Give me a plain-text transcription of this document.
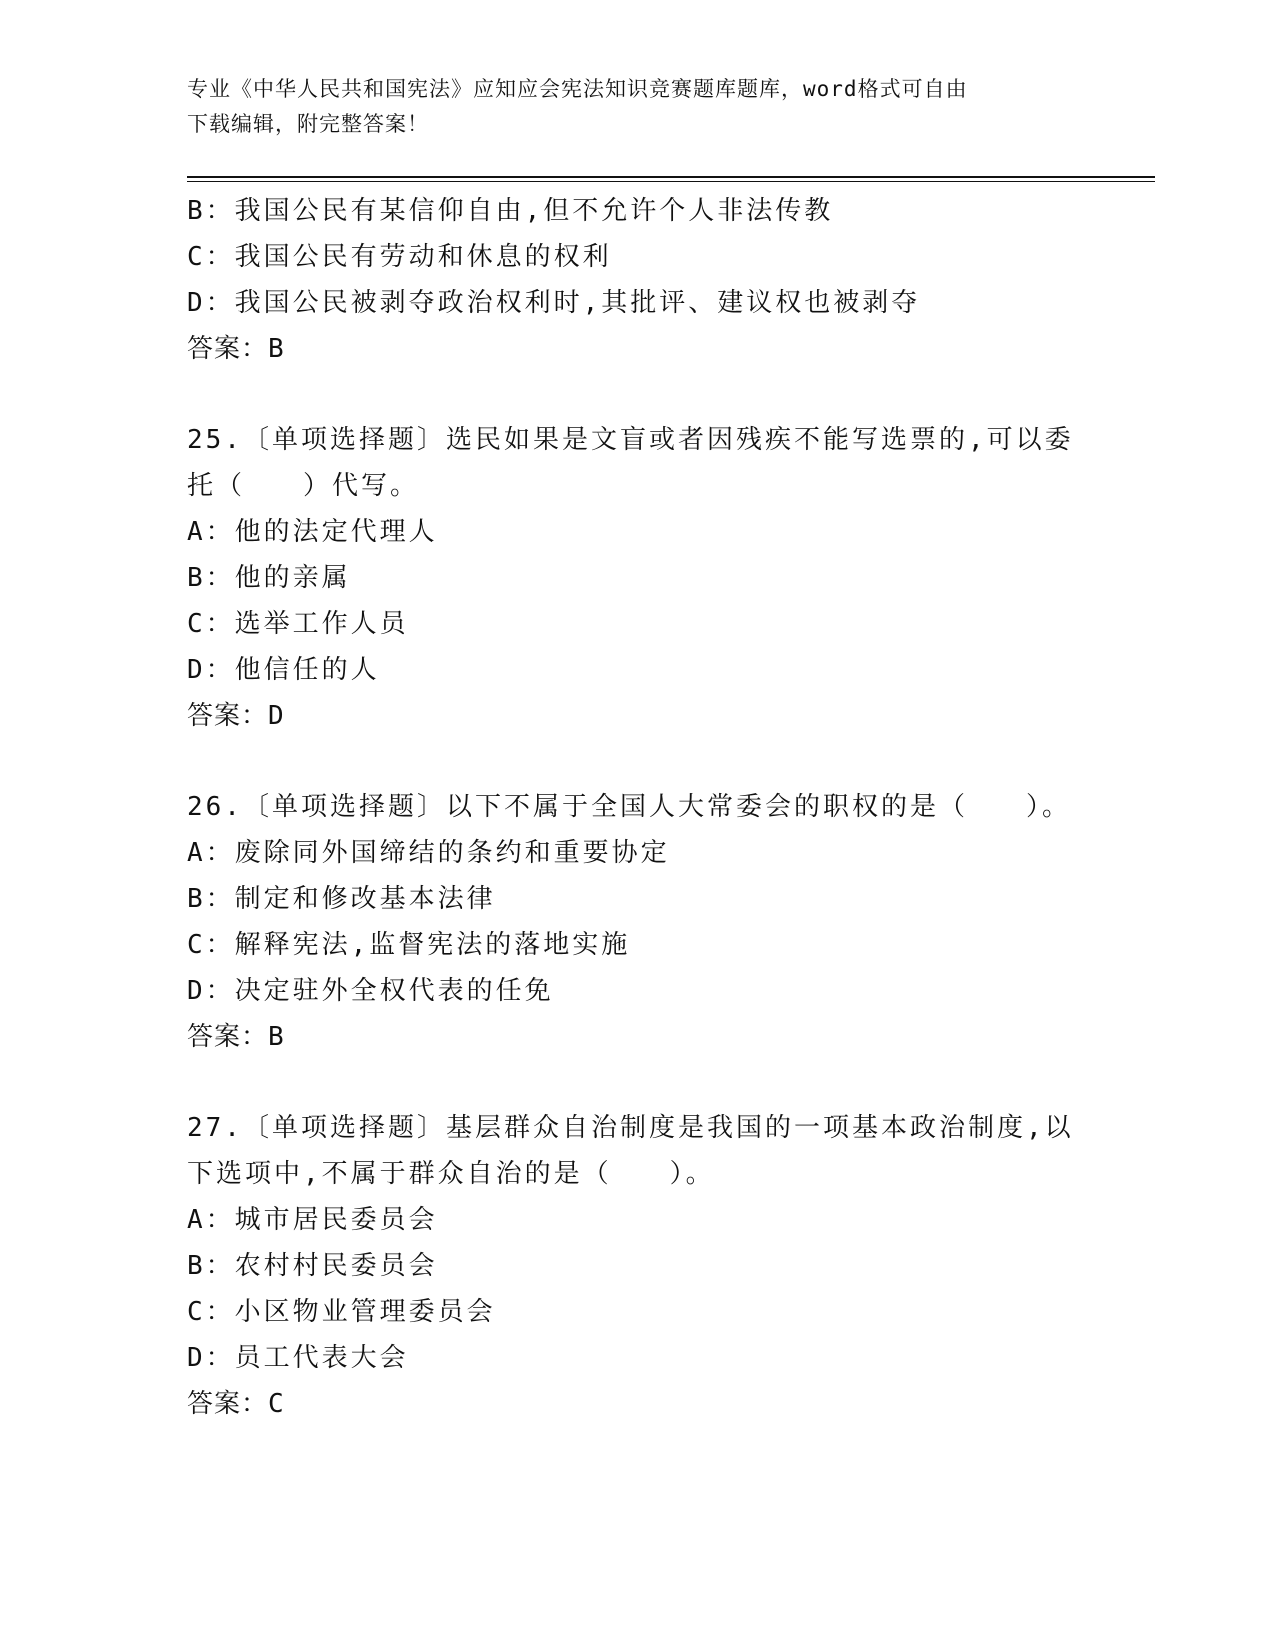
专业《中华人民共和国宪法》应知应会宪法知识竞赛题库题库，word格式可自由
下载编辑，附完整答案！
B：我国公民有某信仰自由,但不允许个人非法传教
C：我国公民有劳动和休息的权利
D：我国公民被剥夺政治权利时,其批评、建议权也被剥夺
答案：B
25.〔单项选择题〕选民如果是文盲或者因残疾不能写选票的,可以委
托（　　）代写。
A：他的法定代理人
B：他的亲属
C：选举工作人员
D：他信任的人
答案：D
26.〔单项选择题〕以下不属于全国人大常委会的职权的是（　　）。
A：废除同外国缔结的条约和重要协定
B：制定和修改基本法律
C：解释宪法,监督宪法的落地实施
D：决定驻外全权代表的任免
答案：B
27.〔单项选择题〕基层群众自治制度是我国的一项基本政治制度,以
下选项中,不属于群众自治的是（　　）。
A：城市居民委员会
B：农村村民委员会
C：小区物业管理委员会
D：员工代表大会
答案：C
